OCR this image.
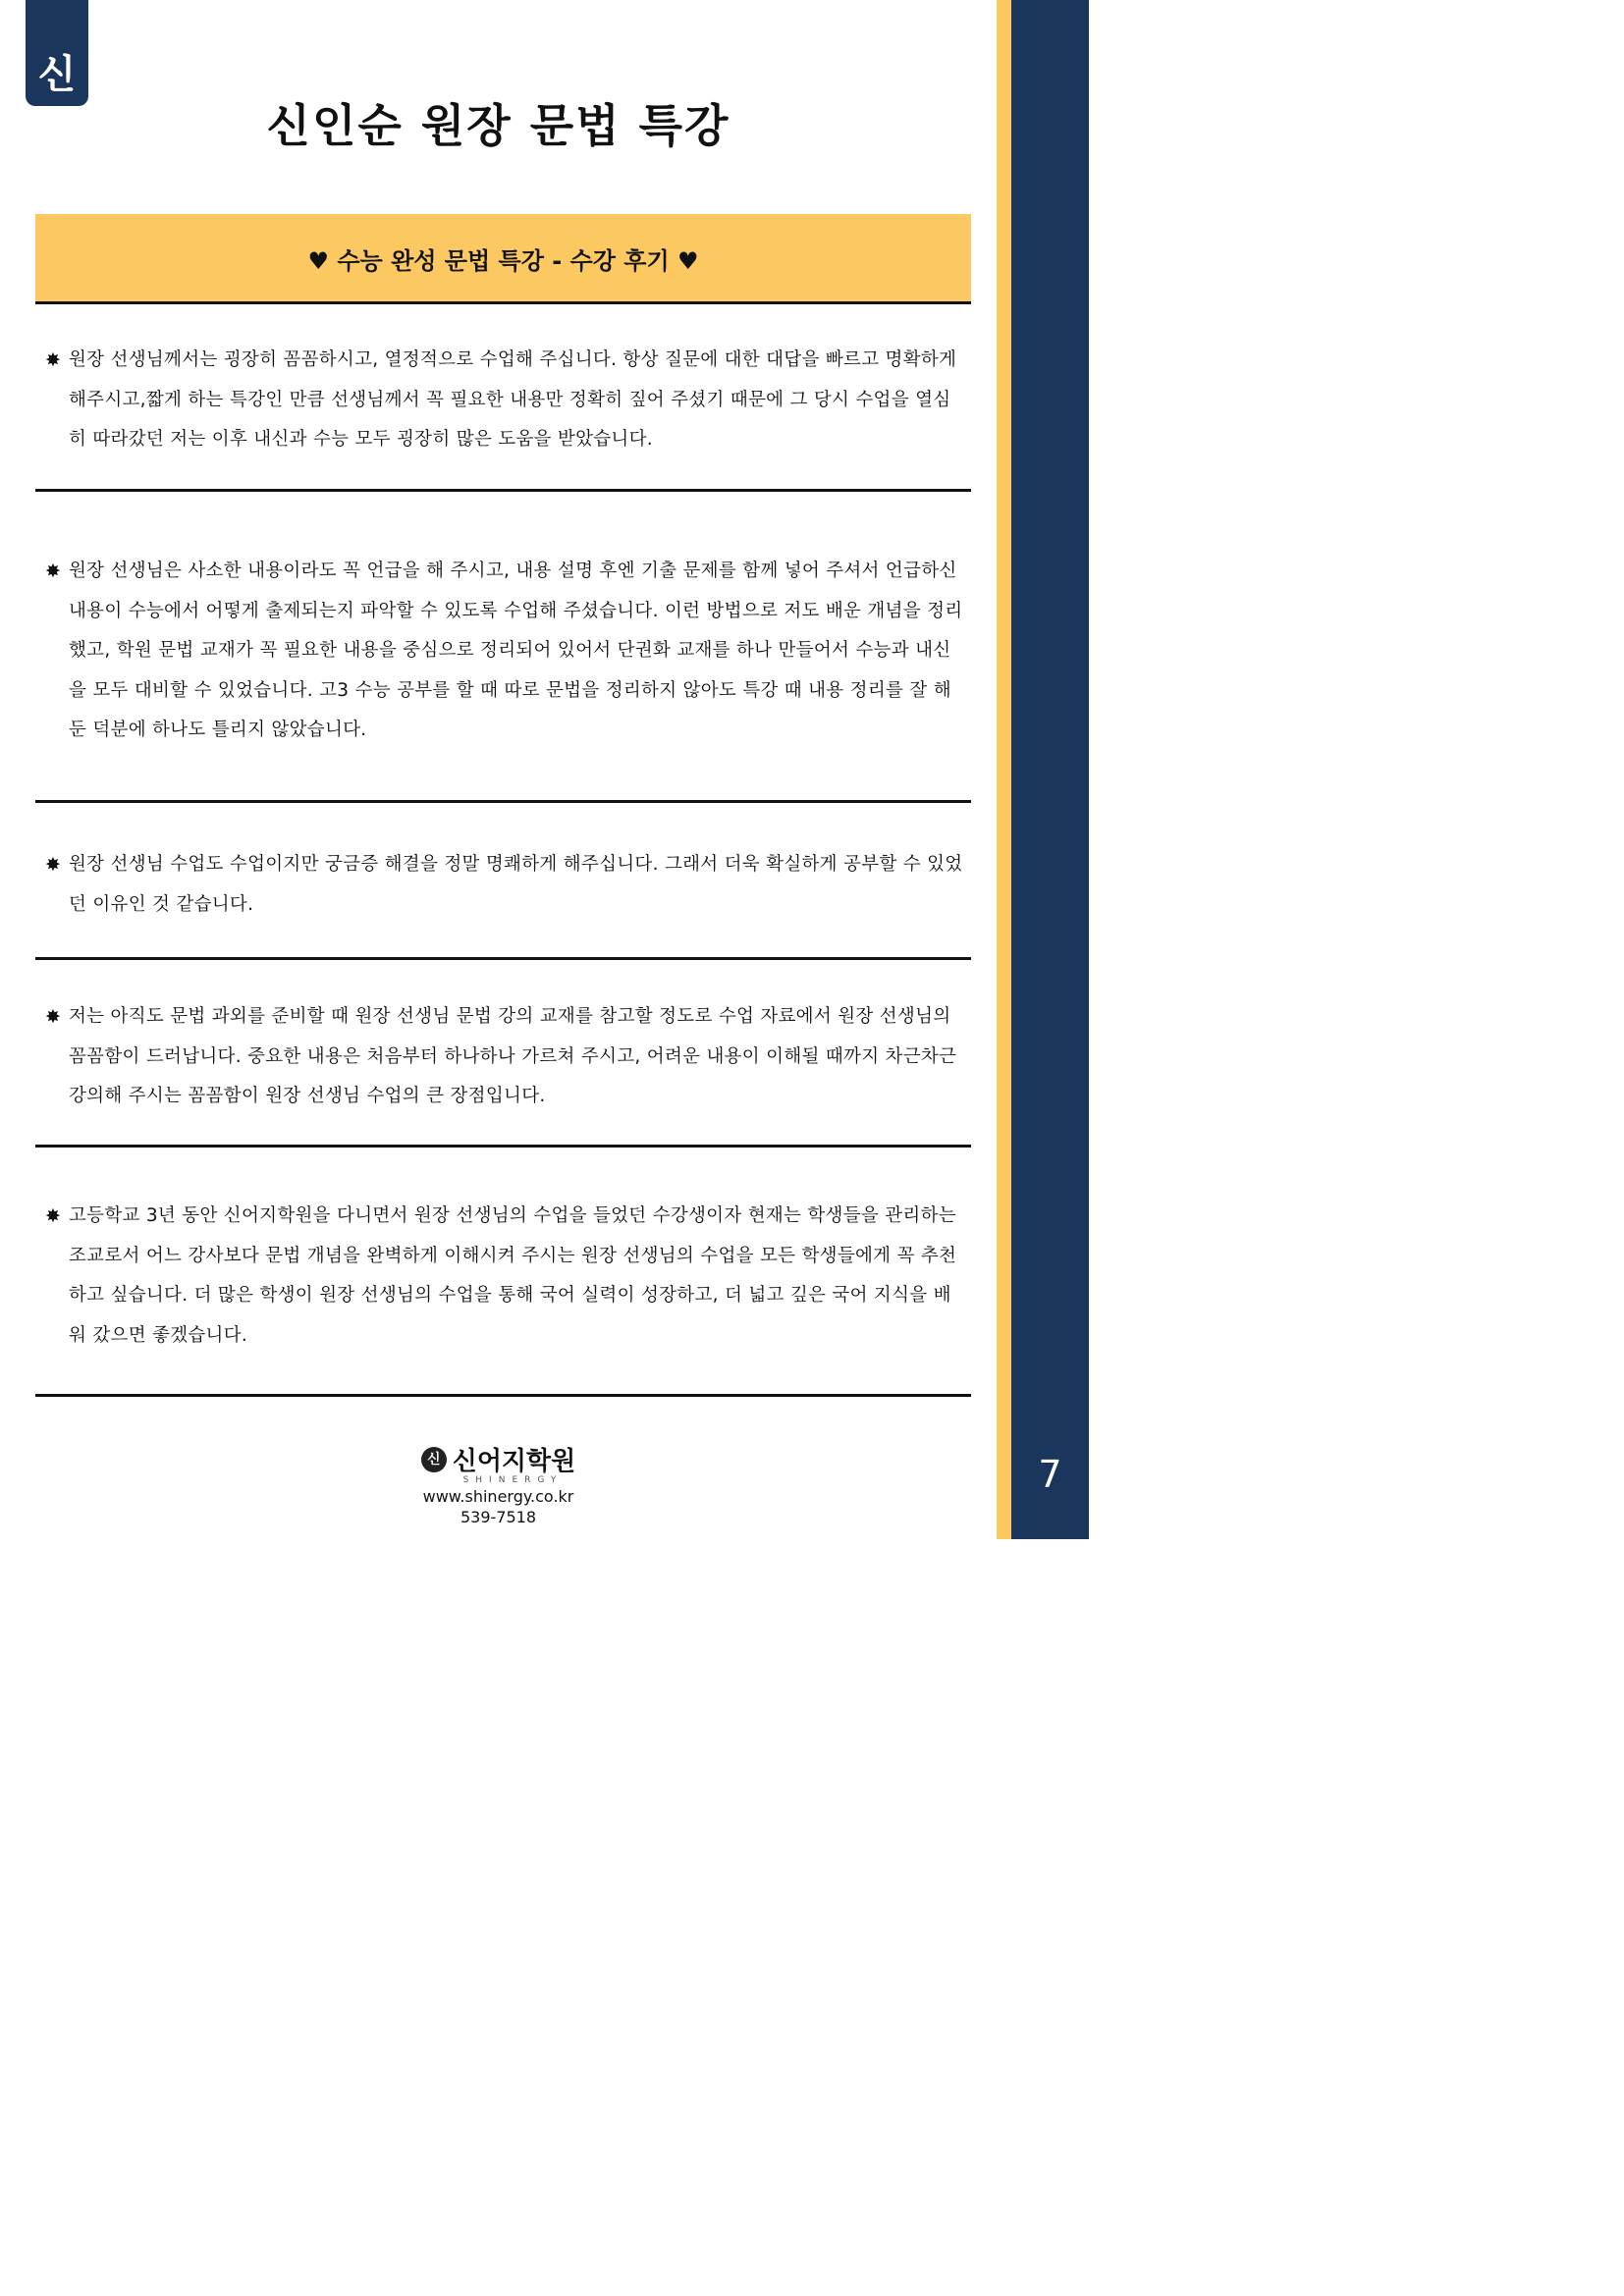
신
신인순 원장 문법 특강
♥ 수능 완성 문법 특강 - 수강 후기 ♥

✸ 원장 선생님께서는 굉장히 꼼꼼하시고, 열정적으로 수업해 주십니다. 항상 질문에 대한 대답을 빠르고 명확하게 해주시고,짧게 하는 특강인 만큼 선생님께서 꼭 필요한 내용만 정확히 짚어 주셨기 때문에 그 당시 수업을 열심히 따라갔던 저는 이후 내신과 수능 모두 굉장히 많은 도움을 받았습니다.

✸ 원장 선생님은 사소한 내용이라도 꼭 언급을 해 주시고, 내용 설명 후엔 기출 문제를 함께 넣어 주셔서 언급하신 내용이 수능에서 어떻게 출제되는지 파악할 수 있도록 수업해 주셨습니다. 이런 방법으로 저도 배운 개념을 정리했고, 학원 문법 교재가 꼭 필요한 내용을 중심으로 정리되어 있어서 단권화 교재를 하나 만들어서 수능과 내신을 모두 대비할 수 있었습니다. 고3 수능 공부를 할 때 따로 문법을 정리하지 않아도 특강 때 내용 정리를 잘 해둔 덕분에 하나도 틀리지 않았습니다.

✸ 원장 선생님 수업도 수업이지만 궁금증 해결을 정말 명쾌하게 해주십니다. 그래서 더욱 확실하게 공부할 수 있었던 이유인 것 같습니다.

✸ 저는 아직도 문법 과외를 준비할 때 원장 선생님 문법 강의 교재를 참고할 정도로 수업 자료에서 원장 선생님의 꼼꼼함이 드러납니다. 중요한 내용은 처음부터 하나하나 가르쳐 주시고, 어려운 내용이 이해될 때까지 차근차근 강의해 주시는 꼼꼼함이 원장 선생님 수업의 큰 장점입니다.

✸ 고등학교 3년 동안 신어지학원을 다니면서 원장 선생님의 수업을 들었던 수강생이자 현재는 학생들을 관리하는 조교로서 어느 강사보다 문법 개념을 완벽하게 이해시켜 주시는 원장 선생님의 수업을 모든 학생들에게 꼭 추천하고 싶습니다. 더 많은 학생이 원장 선생님의 수업을 통해 국어 실력이 성장하고, 더 넓고 깊은 국어 지식을 배워 갔으면 좋겠습니다.

신 신어지학원
SHINERGY
www.shinergy.co.kr
539-7518
7
